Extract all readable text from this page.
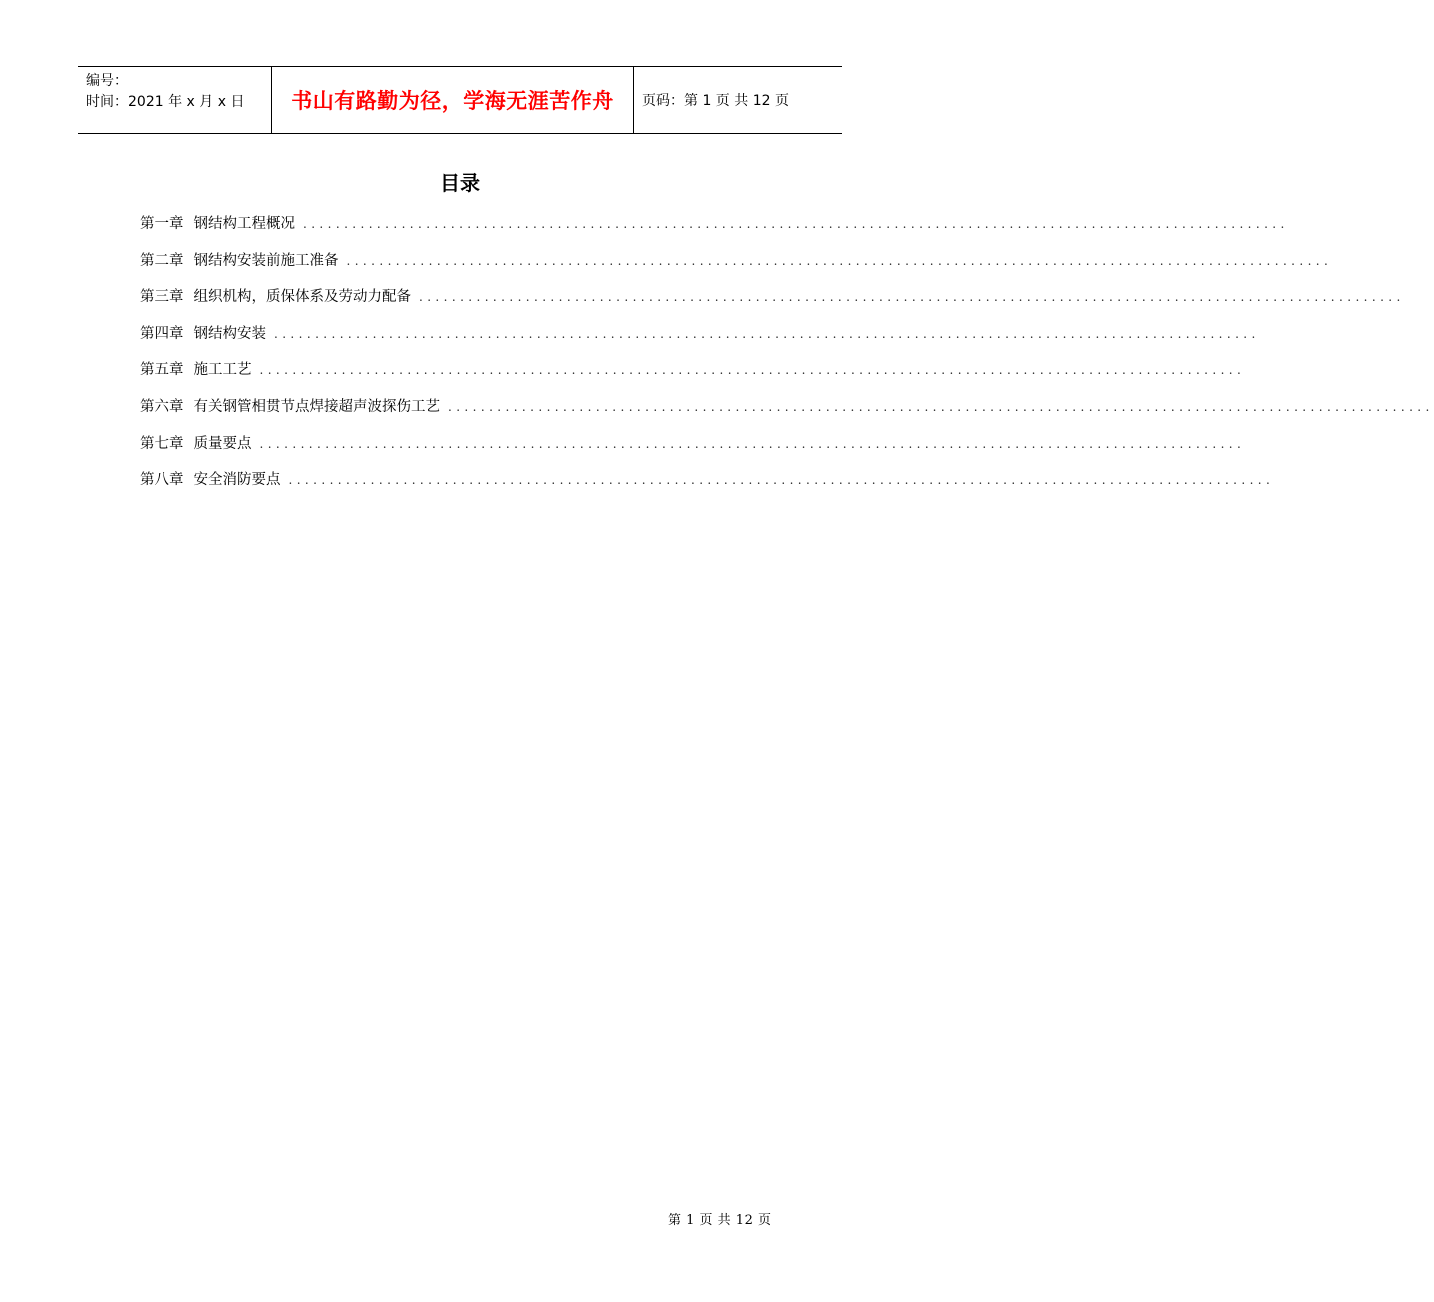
编号：
时间：2021 年 x 月 x 日	书山有路勤为径，学海无涯苦作舟 页码：第 1 页 共 12 页
目录
第一章 钢结构工程概况 ........................................................................................................................
第二章 钢结构安装前施工准备 ........................................................................................................................
第三章 组织机构，质保体系及劳动力配备 ........................................................................................................................
第四章 钢结构安装 ........................................................................................................................
第五章 施工工艺 ........................................................................................................................
第六章 有关钢管相贯节点焊接超声波探伤工艺 ........................................................................................................................
第七章 质量要点 ........................................................................................................................
第八章 安全消防要点 ........................................................................................................................
第 1 页 共 12 页
